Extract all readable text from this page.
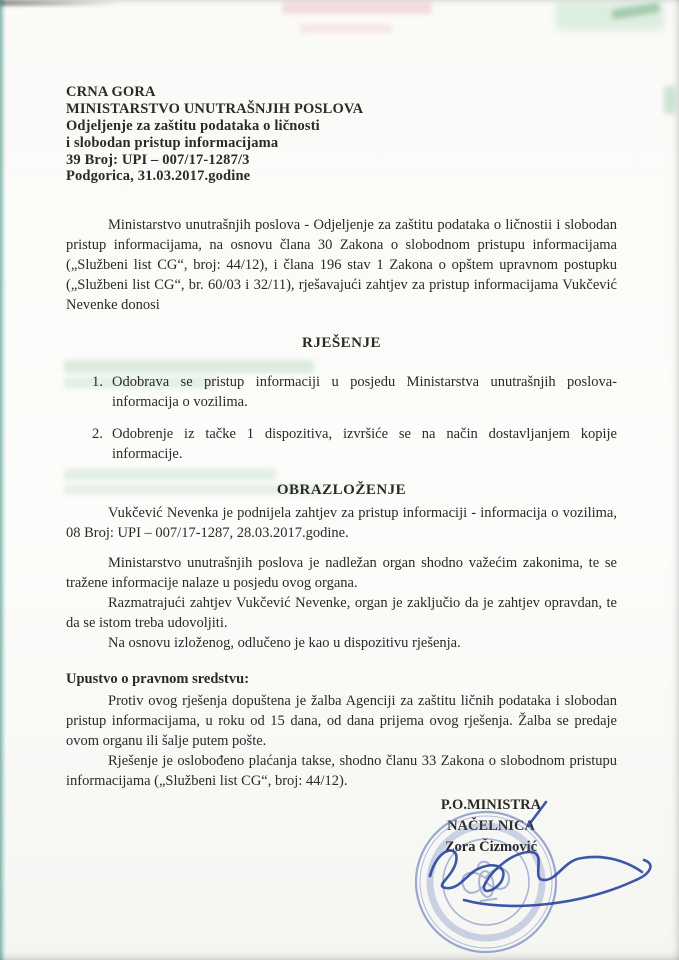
CRNA GORA
MINISTARSTVO UNUTRAŠNJIH POSLOVA
Odjeljenje za zaštitu podataka o ličnosti
i slobodan pristup informacijama
39 Broj: UPI – 007/17-1287/3
Podgorica, 31.03.2017.godine

Ministarstvo unutrašnjih poslova - Odjeljenje za zaštitu podataka o ličnostii i slobodan pristup informacijama, na osnovu člana 30 Zakona o slobodnom pristupu informacijama („Službeni list CG“, broj: 44/12), i člana 196 stav 1 Zakona o opštem upravnom postupku („Službeni list CG“, br. 60/03 i 32/11), rješavajući zahtjev za pristup informacijama Vukčević Nevenke donosi

RJEŠENJE
1. Odobrava se pristup informaciji u posjedu Ministarstva unutrašnjih poslova- informacija o vozilima.
2. Odobrenje iz tačke 1 dispozitiva, izvršiće se na način dostavljanjem kopije informacije.
OBRAZLOŽENJE

Vukčević Nevenka je podnijela zahtjev za pristup informaciji - informacija o vozilima, 08 Broj: UPI – 007/17-1287, 28.03.2017.godine.

Ministarstvo unutrašnjih poslova je nadležan organ shodno važećim zakonima, te se tražene informacije nalaze u posjedu ovog organa.

Razmatrajući zahtjev Vukčević Nevenke, organ je zaključio da je zahtjev opravdan, te da se istom treba udovoljiti.

Na osnovu izloženog, odlučeno je kao u dispozitivu rješenja.

Upustvo o pravnom sredstvu:

Protiv ovog rješenja dopuštena je žalba Agenciji za zaštitu ličnih podataka i slobodan pristup informacijama, u roku od 15 dana, od dana prijema ovog rješenja. Žalba se predaje ovom organu ili šalje putem pošte.

Rješenje je oslobođeno plaćanja takse, shodno članu 33 Zakona o slobodnom pristupu informacijama („Službeni list CG“, broj: 44/12).

P.O.MINISTRA
NAČELNICA
Zora Čizmović
